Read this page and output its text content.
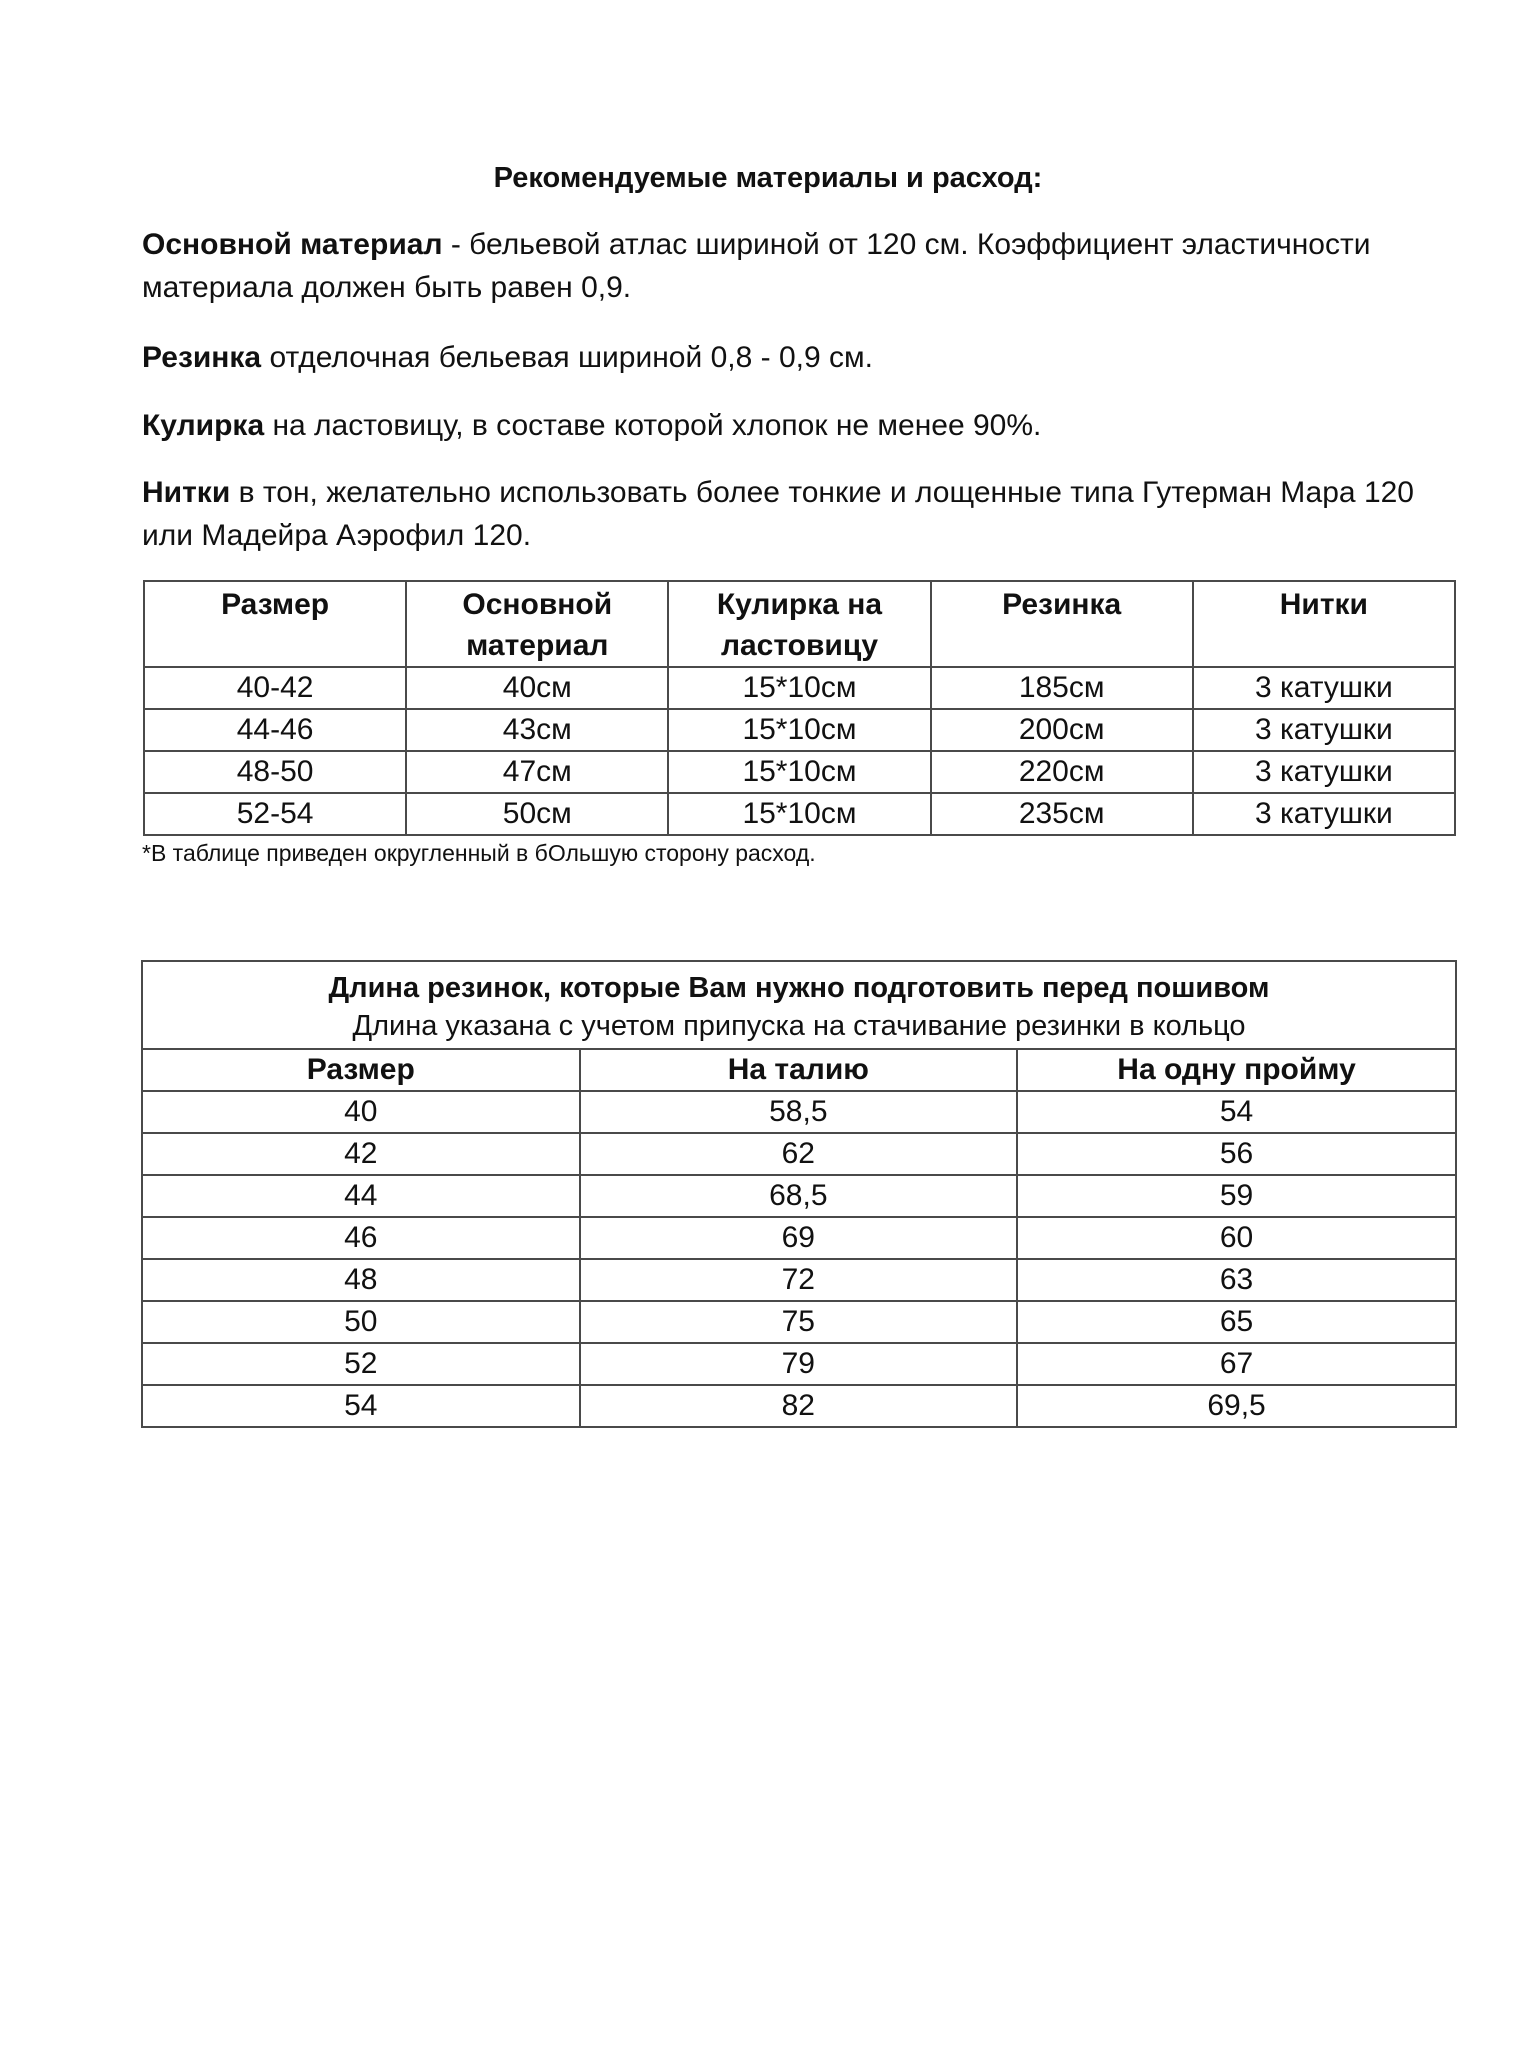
Рекомендуемые материалы и расход:
Основной материал - бельевой атлас шириной от 120 см. Коэффициент эластичности материала должен быть равен 0,9.
Резинка отделочная бельевая шириной 0,8 - 0,9 см.
Кулирка на ластовицу, в составе которой хлопок не менее 90%.
Нитки в тон, желательно использовать более тонкие и лощенные типа Гутерман Мара 120 или Мадейра Аэрофил 120.
Размер	Основной материал	Кулирка на ластовицу	Резинка	Нитки
40-42	40см	15*10см	185см	3 катушки
44-46	43см	15*10см	200см	3 катушки
48-50	47см	15*10см	220см	3 катушки
52-54	50см	15*10см	235см	3 катушки
*В таблице приведен округленный в бОльшую сторону расход.
Длина резинок, которые Вам нужно подготовить перед пошивом
Длина указана с учетом припуска на стачивание резинки в кольцо		

Размер	На талию	На одну пройму
40	58,5	54
42	62	56
44	68,5	59
46	69	60
48	72	63
50	75	65
52	79	67
54	82	69,5
